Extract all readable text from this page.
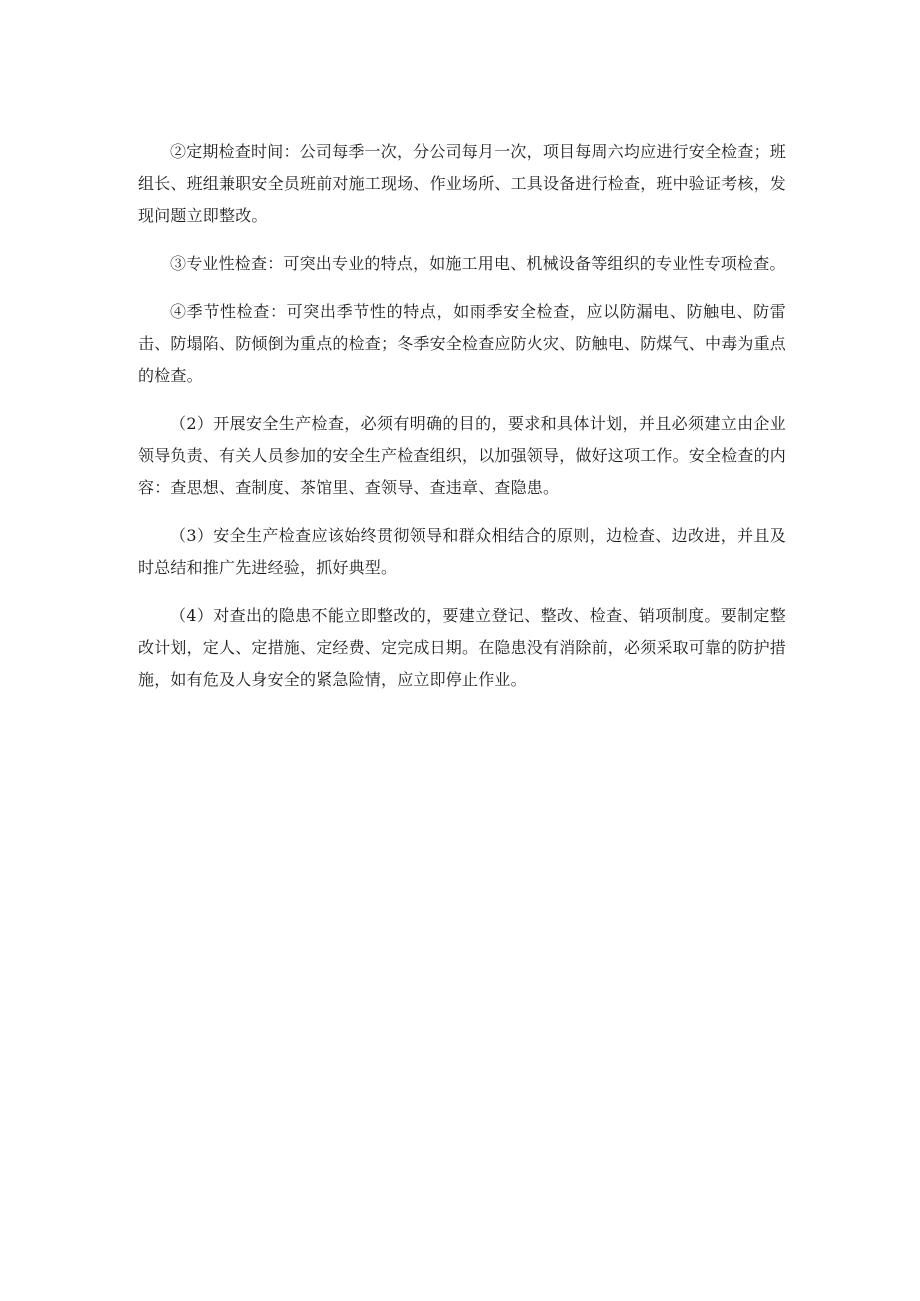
②定期检查时间：公司每季一次，分公司每月一次，项目每周六均应进行安全检查；班组长、班组兼职安全员班前对施工现场、作业场所、工具设备进行检查，班中验证考核，发现问题立即整改。

③专业性检查：可突出专业的特点，如施工用电、机械设备等组织的专业性专项检查。

④季节性检查：可突出季节性的特点，如雨季安全检查，应以防漏电、防触电、防雷击、防塌陷、防倾倒为重点的检查；冬季安全检查应防火灾、防触电、防煤气、中毒为重点的检查。

（2）开展安全生产检查，必须有明确的目的，要求和具体计划，并且必须建立由企业领导负责、有关人员参加的安全生产检查组织，以加强领导，做好这项工作。安全检查的内容：查思想、查制度、茶馆里、查领导、查违章、查隐患。

（3）安全生产检查应该始终贯彻领导和群众相结合的原则，边检查、边改进，并且及时总结和推广先进经验，抓好典型。

（4）对查出的隐患不能立即整改的，要建立登记、整改、检查、销项制度。要制定整改计划，定人、定措施、定经费、定完成日期。在隐患没有消除前，必须采取可靠的防护措施，如有危及人身安全的紧急险情，应立即停止作业。
